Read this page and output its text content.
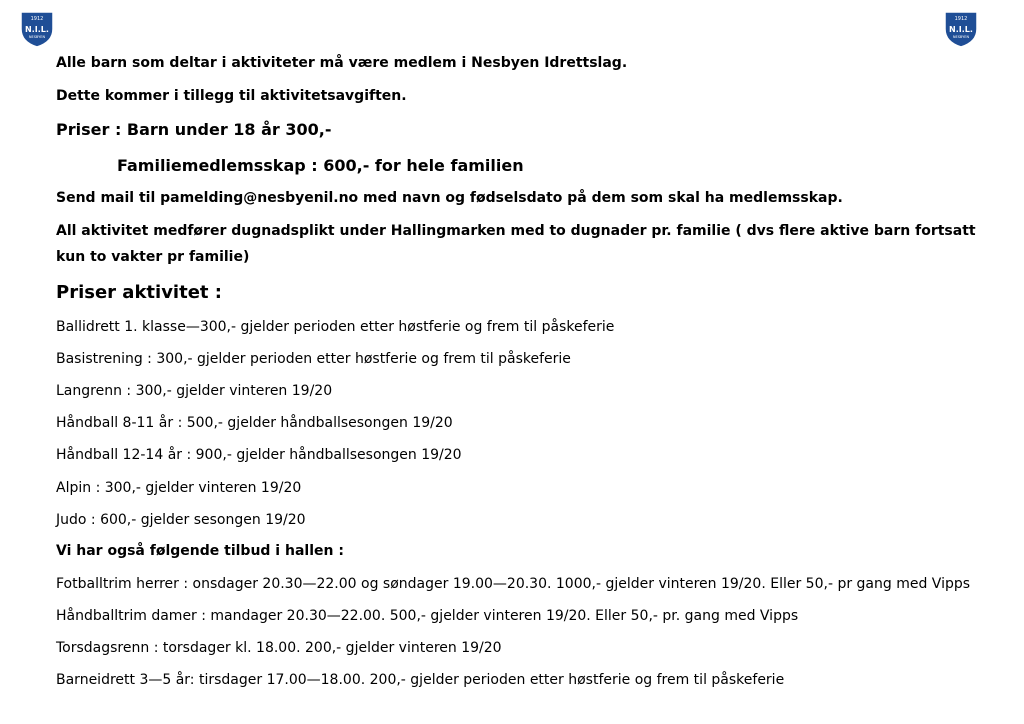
1912
N.I.L.
NESBYEN
1912
N.I.L.
NESBYEN
Alle barn som deltar i aktiviteter må være medlem i Nesbyen Idrettslag.
Dette kommer i tillegg til aktivitetsavgiften.
Priser : Barn under 18 år 300,-
Familiemedlemsskap : 600,- for hele familien
Send mail til pamelding@nesbyenil.no med navn og fødselsdato på dem som skal ha medlemsskap.
All aktivitet medfører dugnadsplikt under Hallingmarken med to dugnader pr. familie ( dvs flere aktive barn fortsatt kun to vakter pr familie)
Priser aktivitet :
Ballidrett 1. klasse—300,- gjelder perioden etter høstferie og frem til påskeferie
Basistrening : 300,- gjelder perioden etter høstferie og frem til påskeferie
Langrenn : 300,- gjelder vinteren 19/20
Håndball 8-11 år : 500,- gjelder håndballsesongen 19/20
Håndball 12-14 år : 900,- gjelder håndballsesongen 19/20
Alpin : 300,- gjelder vinteren 19/20
Judo : 600,- gjelder sesongen 19/20
Vi har også følgende tilbud i hallen :
Fotballtrim herrer : onsdager 20.30—22.00 og søndager 19.00—20.30. 1000,- gjelder vinteren 19/20. Eller 50,- pr gang med Vipps
Håndballtrim damer : mandager 20.30—22.00. 500,- gjelder vinteren 19/20. Eller 50,- pr. gang med Vipps
Torsdagsrenn : torsdager kl. 18.00. 200,- gjelder vinteren 19/20
Barneidrett 3—5 år: tirsdager 17.00—18.00. 200,- gjelder perioden etter høstferie og frem til påskeferie
